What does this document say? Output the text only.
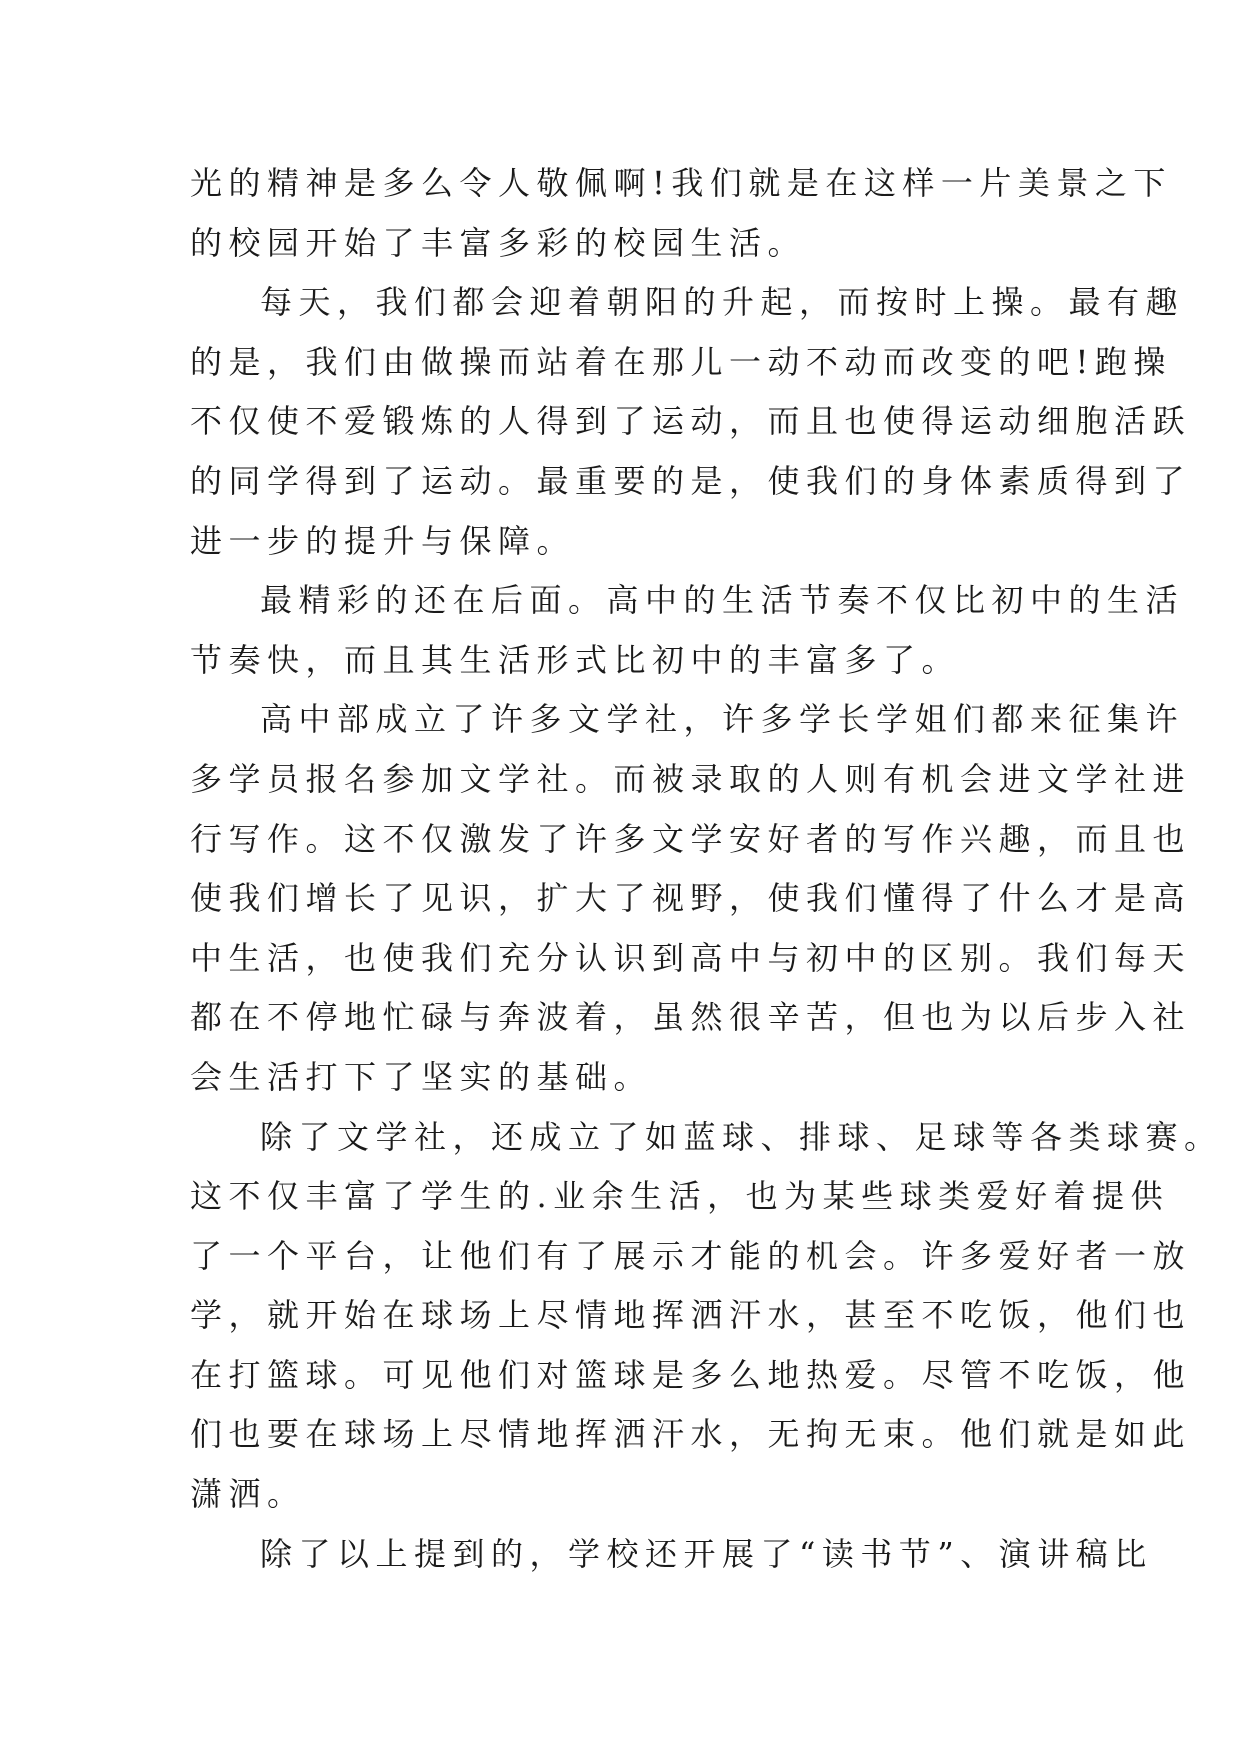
光的精神是多么令人敬佩啊!我们就是在这样一片美景之下
的校园开始了丰富多彩的校园生活。
每天，我们都会迎着朝阳的升起，而按时上操。最有趣
的是，我们由做操而站着在那儿一动不动而改变的吧!跑操
不仅使不爱锻炼的人得到了运动，而且也使得运动细胞活跃
的同学得到了运动。最重要的是，使我们的身体素质得到了
进一步的提升与保障。
最精彩的还在后面。高中的生活节奏不仅比初中的生活
节奏快，而且其生活形式比初中的丰富多了。
高中部成立了许多文学社，许多学长学姐们都来征集许
多学员报名参加文学社。而被录取的人则有机会进文学社进
行写作。这不仅激发了许多文学安好者的写作兴趣，而且也
使我们增长了见识，扩大了视野，使我们懂得了什么才是高
中生活，也使我们充分认识到高中与初中的区别。我们每天
都在不停地忙碌与奔波着，虽然很辛苦，但也为以后步入社
会生活打下了坚实的基础。
除了文学社，还成立了如蓝球、排球、足球等各类球赛。
这不仅丰富了学生的.业余生活，也为某些球类爱好着提供
了一个平台，让他们有了展示才能的机会。许多爱好者一放
学，就开始在球场上尽情地挥洒汗水，甚至不吃饭，他们也
在打篮球。可见他们对篮球是多么地热爱。尽管不吃饭，他
们也要在球场上尽情地挥洒汗水，无拘无束。他们就是如此
潇洒。
除了以上提到的，学校还开展了“读书节”、演讲稿比
